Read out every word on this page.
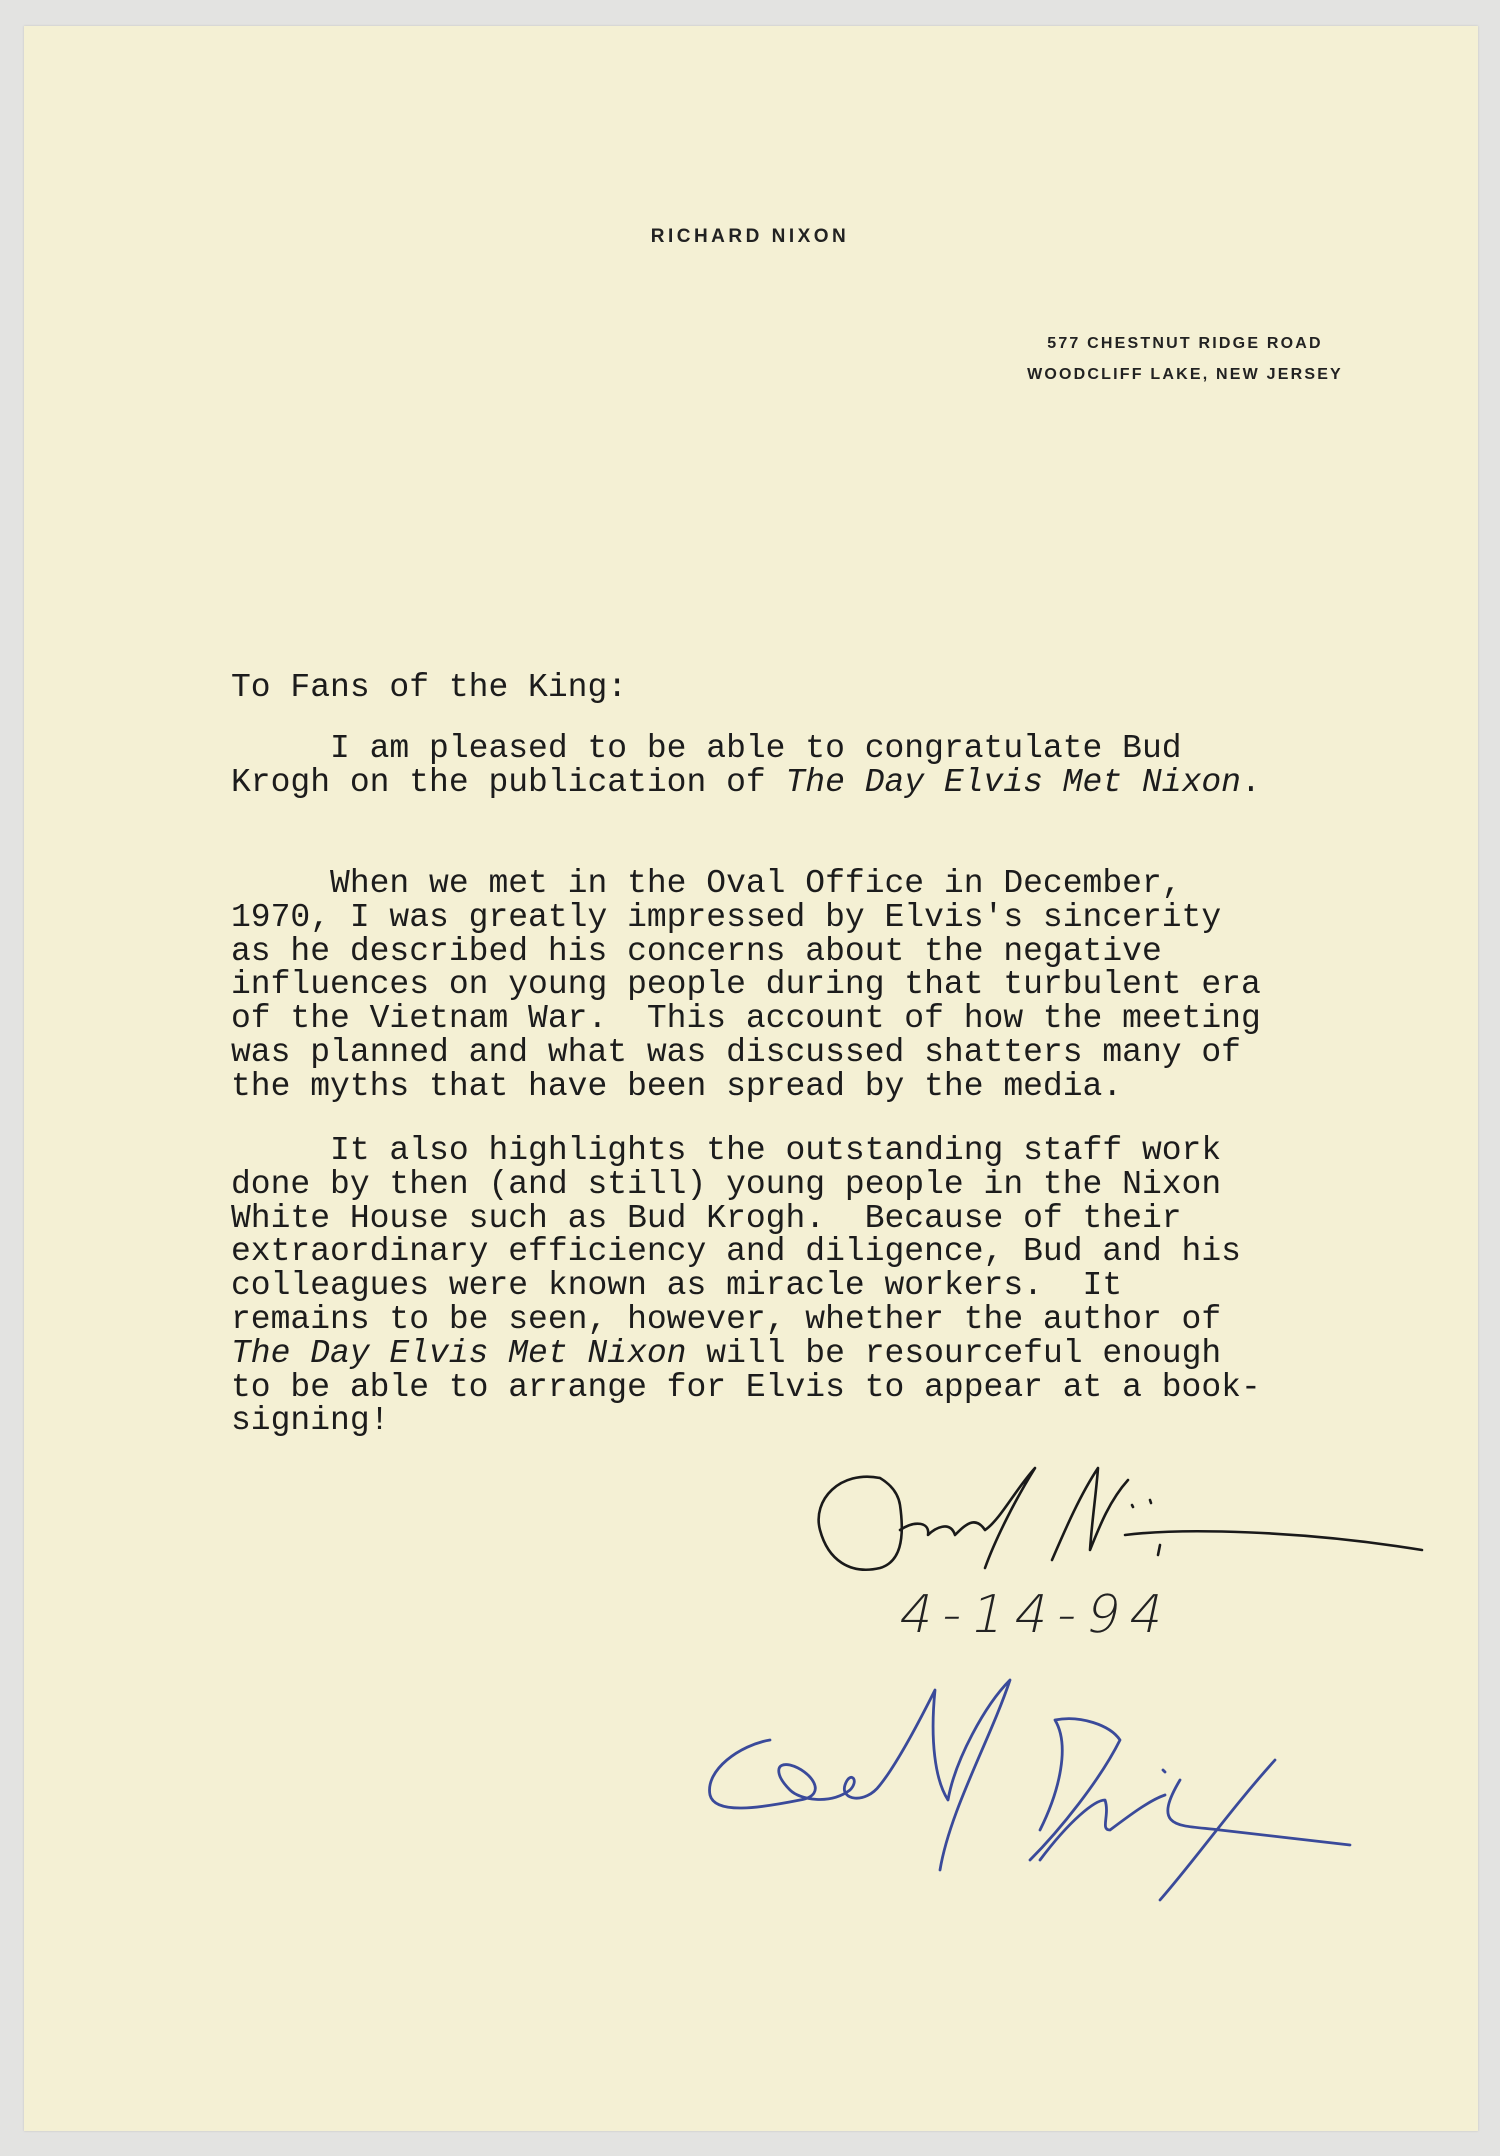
RICHARD NIXON
577 CHESTNUT RIDGE ROAD
WOODCLIFF LAKE, NEW JERSEY
To Fans of the King:
I am pleased to be able to congratulate Bud
Krogh on the publication of The Day Elvis Met Nixon.
When we met in the Oval Office in December,
1970, I was greatly impressed by Elvis's sincerity
as he described his concerns about the negative
influences on young people during that turbulent era
of the Vietnam War.  This account of how the meeting
was planned and what was discussed shatters many of
the myths that have been spread by the media.
It also highlights the outstanding staff work
done by then (and still) young people in the Nixon
White House such as Bud Krogh.  Because of their
extraordinary efficiency and diligence, Bud and his
colleagues were known as miracle workers.  It
remains to be seen, however, whether the author of
The Day Elvis Met Nixon will be resourceful enough
to be able to arrange for Elvis to appear at a book-
signing!
4-14-94
